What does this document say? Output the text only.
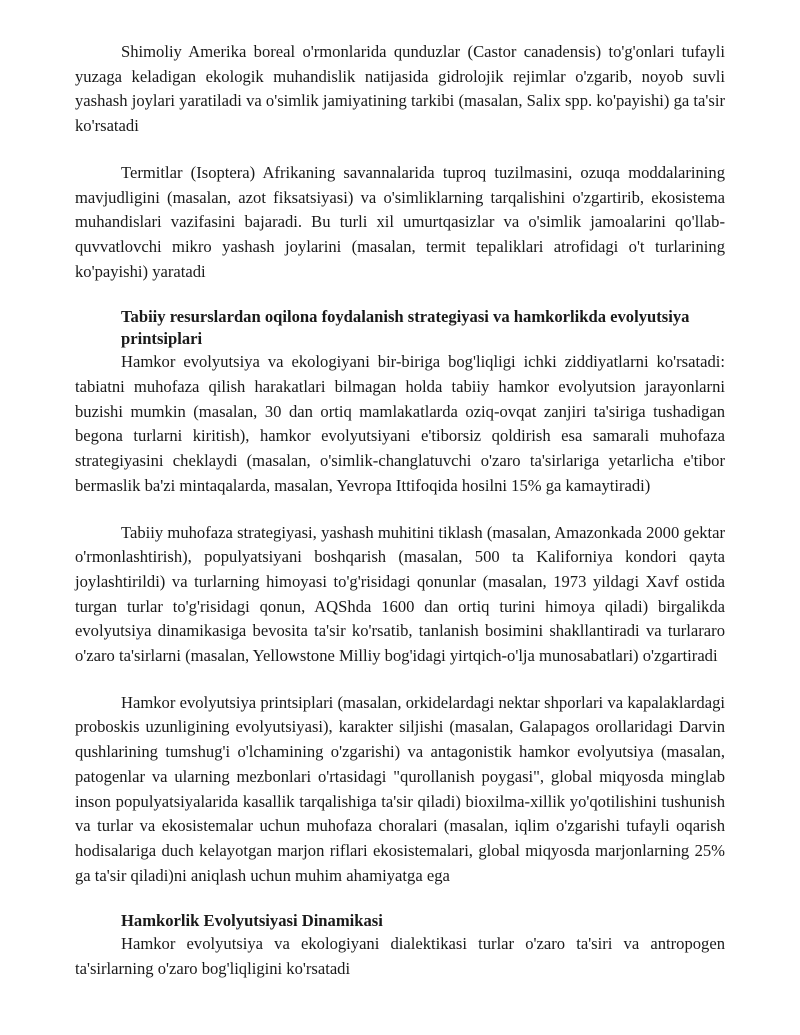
Shimoliy Amerika boreal o'rmonlarida qunduzlar (Castor canadensis) to'g'onlari tufayli yuzaga keladigan ekologik muhandislik natijasida gidrolojik rejimlar o'zgarib, noyob suvli yashash joylari yaratiladi va o'simlik jamiyatining tarkibi (masalan, Salix spp. ko'payishi) ga ta'sir ko'rsatadi

Termitlar (Isoptera) Afrikaning savannalarida tuproq tuzilmasini, ozuqa moddalarining mavjudligini (masalan, azot fiksatsiyasi) va o'simliklarning tarqalishini o'zgartirib, ekosistema muhandislari vazifasini bajaradi. Bu turli xil umurtqasizlar va o'simlik jamoalarini qo'llab-quvvatlovchi mikro yashash joylarini (masalan, termit tepaliklari atrofidagi o't turlarining ko'payishi) yaratadi

Tabiiy resurslardan oqilona foydalanish strategiyasi va hamkorlikda evolyutsiya printsiplari

Hamkor evolyutsiya va ekologiyani bir-biriga bog'liqligi ichki ziddiyatlarni ko'rsatadi: tabiatni muhofaza qilish harakatlari bilmagan holda tabiiy hamkor evolyutsion jarayonlarni buzishi mumkin (masalan, 30 dan ortiq mamlakatlarda oziq-ovqat zanjiri ta'siriga tushadigan begona turlarni kiritish), hamkor evolyutsiyani e'tiborsiz qoldirish esa samarali muhofaza strategiyasini cheklaydi (masalan, o'simlik-changlatuvchi o'zaro ta'sirlariga yetarlicha e'tibor bermaslik ba'zi mintaqalarda, masalan, Yevropa Ittifoqida hosilni 15% ga kamaytiradi)

Tabiiy muhofaza strategiyasi, yashash muhitini tiklash (masalan, Amazonkada 2000 gektar o'rmonlashtirish), populyatsiyani boshqarish (masalan, 500 ta Kaliforniya kondori qayta joylashtirildi) va turlarning himoyasi to'g'risidagi qonunlar (masalan, 1973 yildagi Xavf ostida turgan turlar to'g'risidagi qonun, AQShda 1600 dan ortiq turini himoya qiladi) birgalikda evolyutsiya dinamikasiga bevosita ta'sir ko'rsatib, tanlanish bosimini shakllantiradi va turlararo o'zaro ta'sirlarni (masalan, Yellowstone Milliy bog'idagi yirtqich-o'lja munosabatlari) o'zgartiradi

Hamkor evolyutsiya printsiplari (masalan, orkidelardagi nektar shporlari va kapalaklardagi proboskis uzunligining evolyutsiyasi), karakter siljishi (masalan, Galapagos orollaridagi Darvin qushlarining tumshug'i o'lchamining o'zgarishi) va antagonistik hamkor evolyutsiya (masalan, patogenlar va ularning mezbonlari o'rtasidagi "qurollanish poygasi", global miqyosda minglab inson populyatsiyalarida kasallik tarqalishiga ta'sir qiladi) bioxilma-xillik yo'qotilishini tushunish va turlar va ekosistemalar uchun muhofaza choralari (masalan, iqlim o'zgarishi tufayli oqarish hodisalariga duch kelayotgan marjon riflari ekosistemalari, global miqyosda marjonlarning 25% ga ta'sir qiladi)ni aniqlash uchun muhim ahamiyatga ega

Hamkorlik Evolyutsiyasi Dinamikasi

Hamkor evolyutsiya va ekologiyani dialektikasi turlar o'zaro ta'siri va antropogen ta'sirlarning o'zaro bog'liqligini ko'rsatadi
